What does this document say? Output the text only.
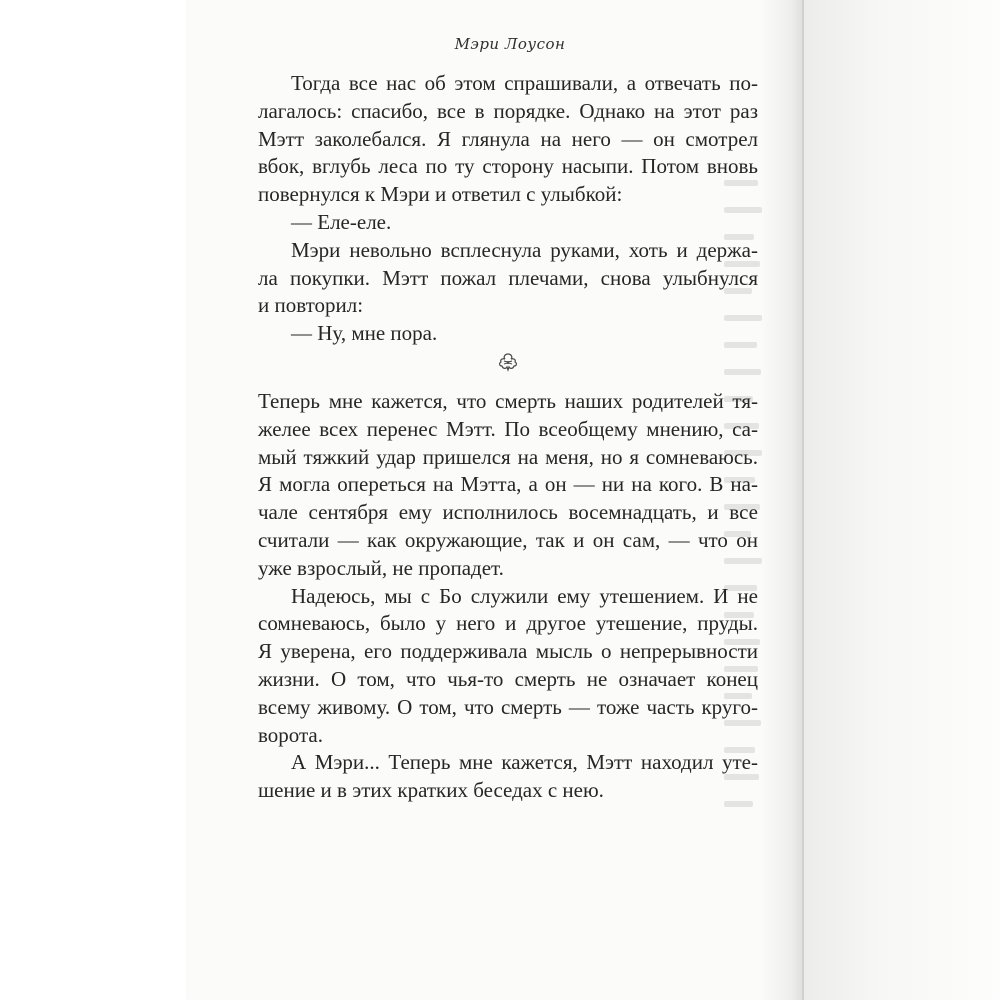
Мэри Лоусон

Тогда все нас об этом спрашивали, а отвечать по-
лагалось: спасибо, все в порядке. Однако на этот раз
Мэтт заколебался. Я глянула на него — он смотрел
вбок, вглубь леса по ту сторону насыпи. Потом вновь
повернулся к Мэри и ответил с улыбкой:

— Еле-еле.

Мэри невольно всплеснула руками, хоть и держа-
ла покупки. Мэтт пожал плечами, снова улыбнулся
и повторил:

— Ну, мне пора.

Теперь мне кажется, что смерть наших родителей тя-
желее всех перенес Мэтт. По всеобщему мнению, са-
мый тяжкий удар пришелся на меня, но я сомневаюсь.
Я могла опереться на Мэтта, а он — ни на кого. В на-
чале сентября ему исполнилось восемнадцать, и все
считали — как окружающие, так и он сам, — что он
уже взрослый, не пропадет.

Надеюсь, мы с Бо служили ему утешением. И не
сомневаюсь, было у него и другое утешение, пруды.
Я уверена, его поддерживала мысль о непрерывности
жизни. О том, что чья-то смерть не означает конец
всему живому. О том, что смерть — тоже часть круго-
ворота.

А Мэри... Теперь мне кажется, Мэтт находил уте-
шение и в этих кратких беседах с нею.
